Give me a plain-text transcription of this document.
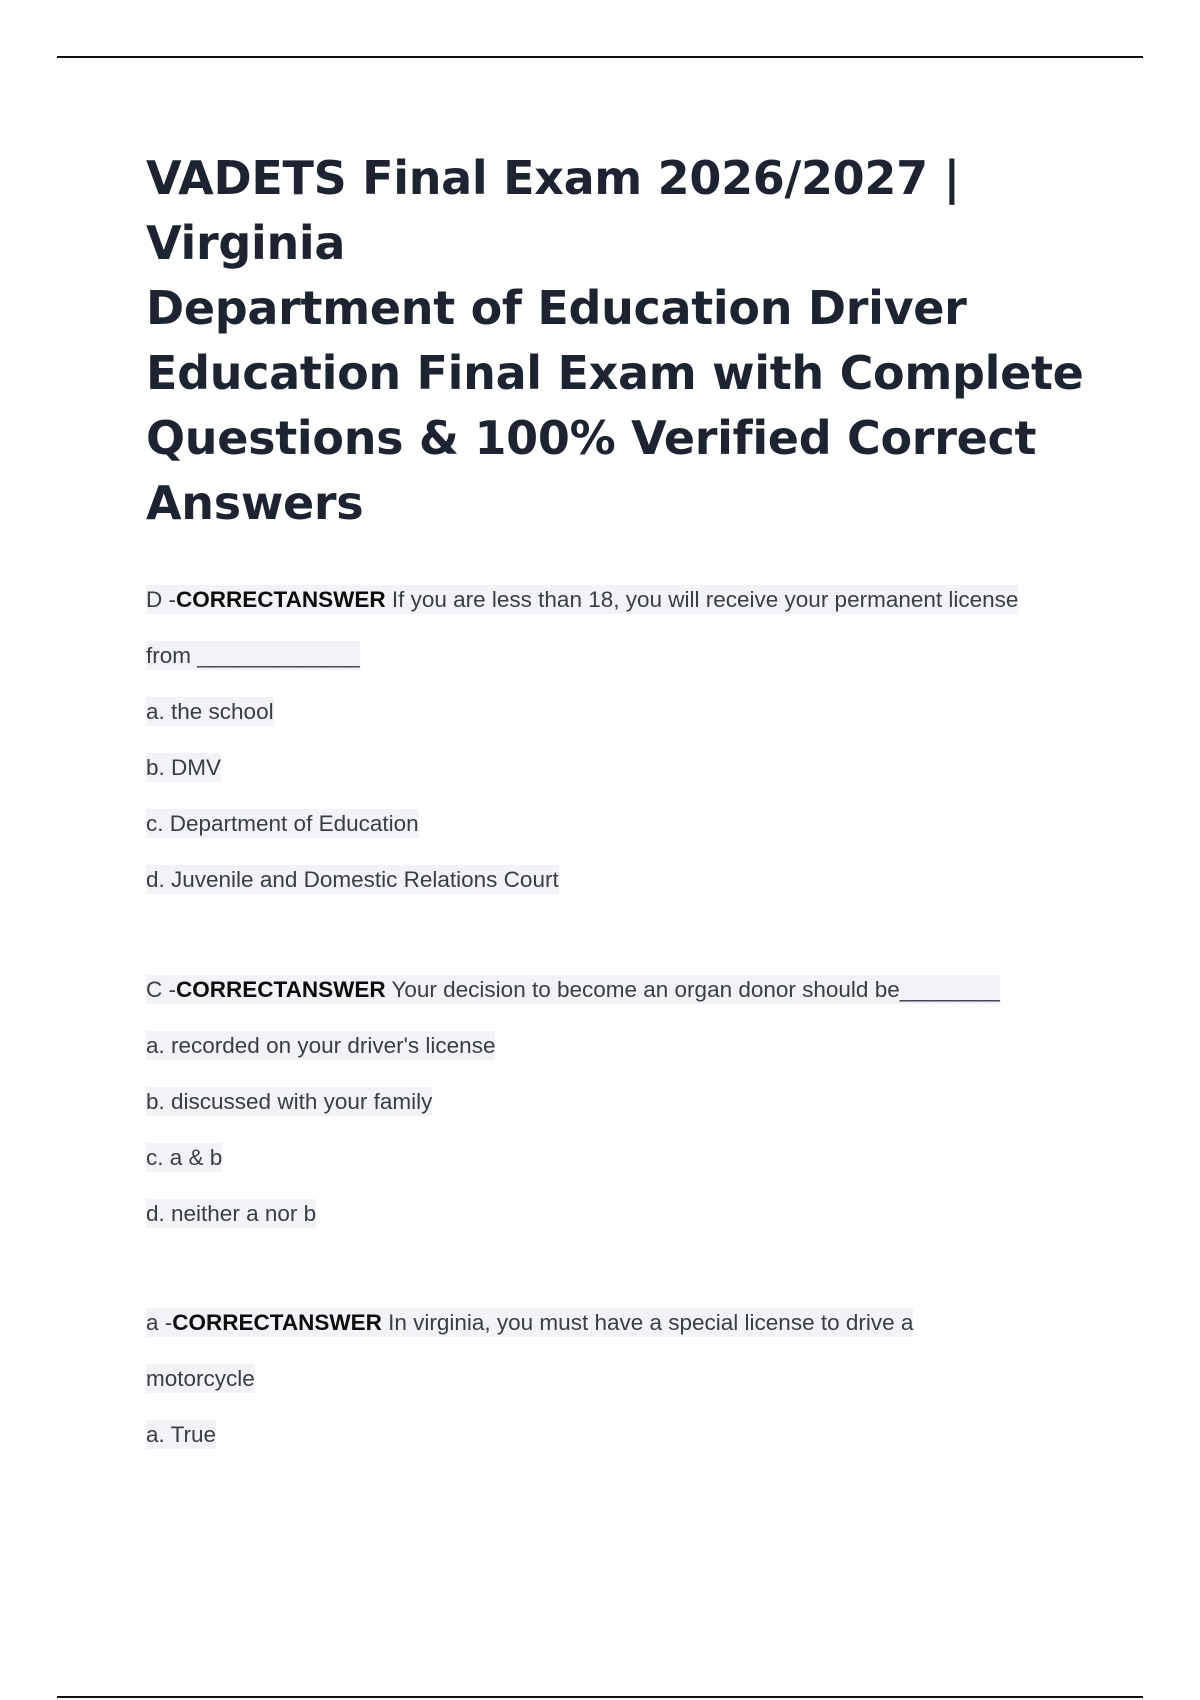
VADETS Final Exam 2026/2027 | Virginia
Department of Education Driver
Education Final Exam with Complete
Questions & 100% Verified Correct
Answers
D -CORRECTANSWER If you are less than 18, you will receive your permanent license
from _____________
a. the school
b. DMV
c. Department of Education
d. Juvenile and Domestic Relations Court
C -CORRECTANSWER Your decision to become an organ donor should be________
a. recorded on your driver's license
b. discussed with your family
c. a & b
d. neither a nor b
a -CORRECTANSWER In virginia, you must have a special license to drive a
motorcycle
a. True
